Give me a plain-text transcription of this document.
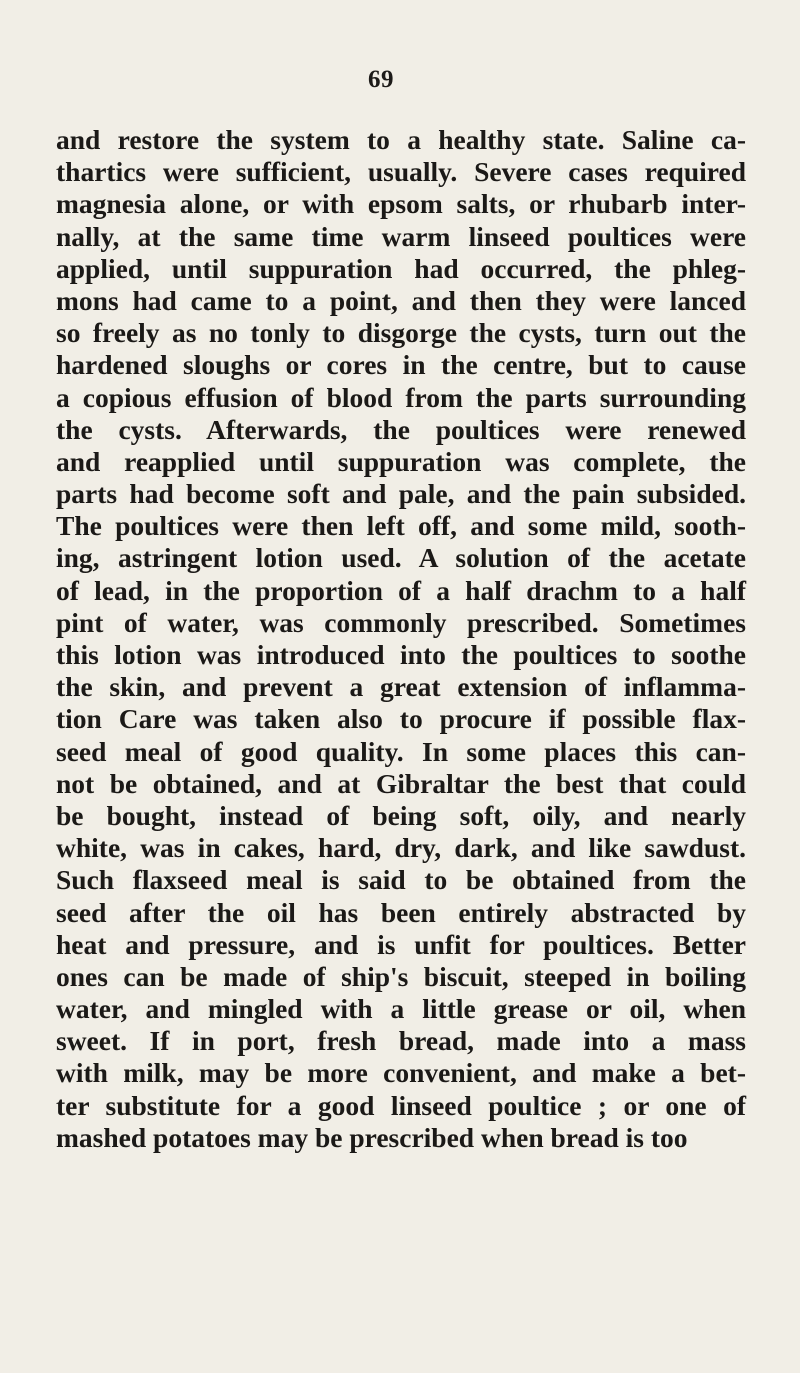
69
and restore the system to a healthy state. Saline ca-
thartics were sufficient, usually. Severe cases required
magnesia alone, or with epsom salts, or rhubarb inter-
nally, at the same time warm linseed poultices were
applied, until suppuration had occurred, the phleg-
mons had came to a point, and then they were lanced
so freely as no tonly to disgorge the cysts, turn out the
hardened sloughs or cores in the centre, but to cause
a copious effusion of blood from the parts surrounding
the cysts. Afterwards, the poultices were renewed
and reapplied until suppuration was complete, the
parts had become soft and pale, and the pain subsided.
The poultices were then left off, and some mild, sooth-
ing, astringent lotion used. A solution of the acetate
of lead, in the proportion of a half drachm to a half
pint of water, was commonly prescribed. Sometimes
this lotion was introduced into the poultices to soothe
the skin, and prevent a great extension of inflamma-
tion Care was taken also to procure if possible flax-
seed meal of good quality. In some places this can-
not be obtained, and at Gibraltar the best that could
be bought, instead of being soft, oily, and nearly
white, was in cakes, hard, dry, dark, and like sawdust.
Such flaxseed meal is said to be obtained from the
seed after the oil has been entirely abstracted by
heat and pressure, and is unfit for poultices. Better
ones can be made of ship's biscuit, steeped in boiling
water, and mingled with a little grease or oil, when
sweet. If in port, fresh bread, made into a mass
with milk, may be more convenient, and make a bet-
ter substitute for a good linseed poultice ; or one of
mashed potatoes may be prescribed when bread is too
